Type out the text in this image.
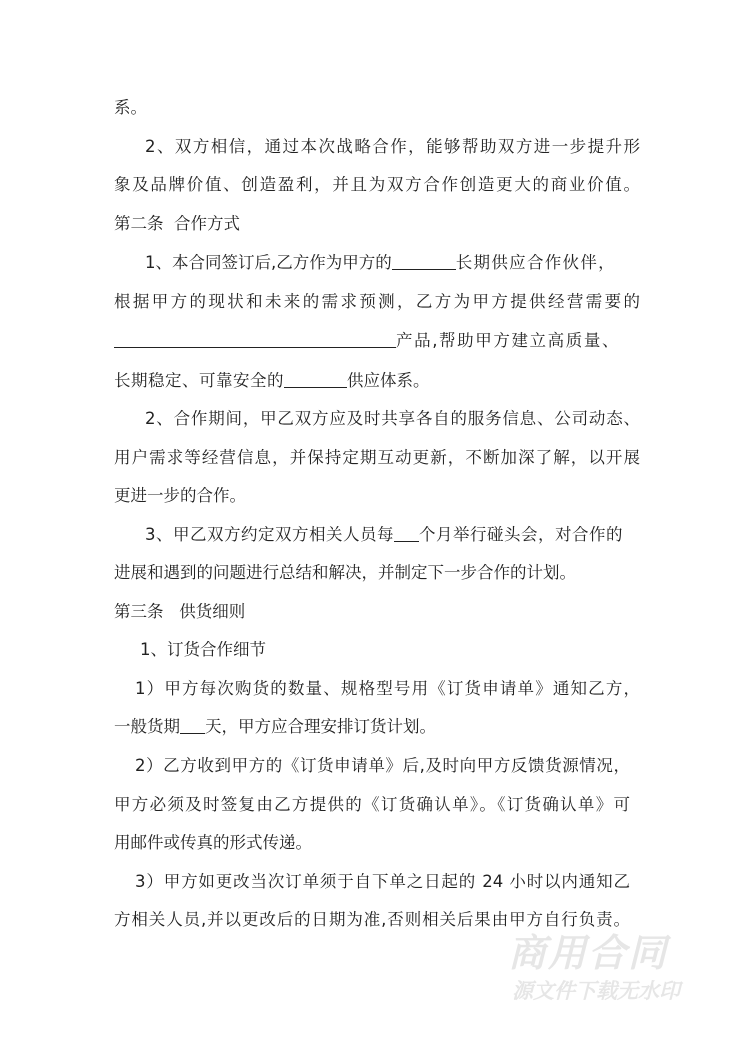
系。
2、双方相信，通过本次战略合作，能够帮助双方进一步提升形
象及品牌价值、创造盈利，并且为双方合作创造更大的商业价值。
第二条  合作方式
1、本合同签订后,乙方作为甲方的	长期供应合作伙伴，
根据甲方的现状和未来的需求预测，乙方为甲方提供经营需要的
产品,帮助甲方建立高质量、
长期稳定、可靠安全的	供应体系。
2、合作期间，甲乙双方应及时共享各自的服务信息、公司动态、
用户需求等经营信息，并保持定期互动更新，不断加深了解，以开展
更进一步的合作。
3、甲乙双方约定双方相关人员每 个月举行碰头会，对合作的
进展和遇到的问题进行总结和解决，并制定下一步合作的计划。
第三条   供货细则
1、订货合作细节
1）甲方每次购货的数量、规格型号用《订货申请单》通知乙方，
一般货期 天，甲方应合理安排订货计划。
2）乙方收到甲方的《订货申请单》后,及时向甲方反馈货源情况，
甲方必须及时签复由乙方提供的《订货确认单》。《订货确认单》可
用邮件或传真的形式传递。
3）甲方如更改当次订单须于自下单之日起的 24 小时以内通知乙
方相关人员,并以更改后的日期为准,否则相关后果由甲方自行负责。
商用合同
源文件下载无水印
